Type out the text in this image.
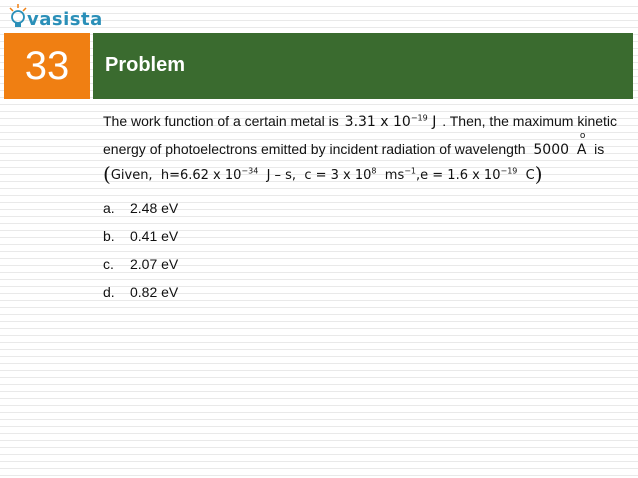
vasista
33	Problem
The work function of a certain metal is 3.31 x $10^{-19}$ J . Then, the maximum kinetic
energy of photoelectrons emitted by incident radiation of wavelength  5000  o A  is
(Given, h=6.62 x $10^{-34}$ J – s, c = 3 x $10^8$ $ms^{-1},e = 1.6$ x $10^{-19}$ C)
a. 2.48 eV
b. 0.41 eV
c. 2.07 eV
d. 0.82 eV
